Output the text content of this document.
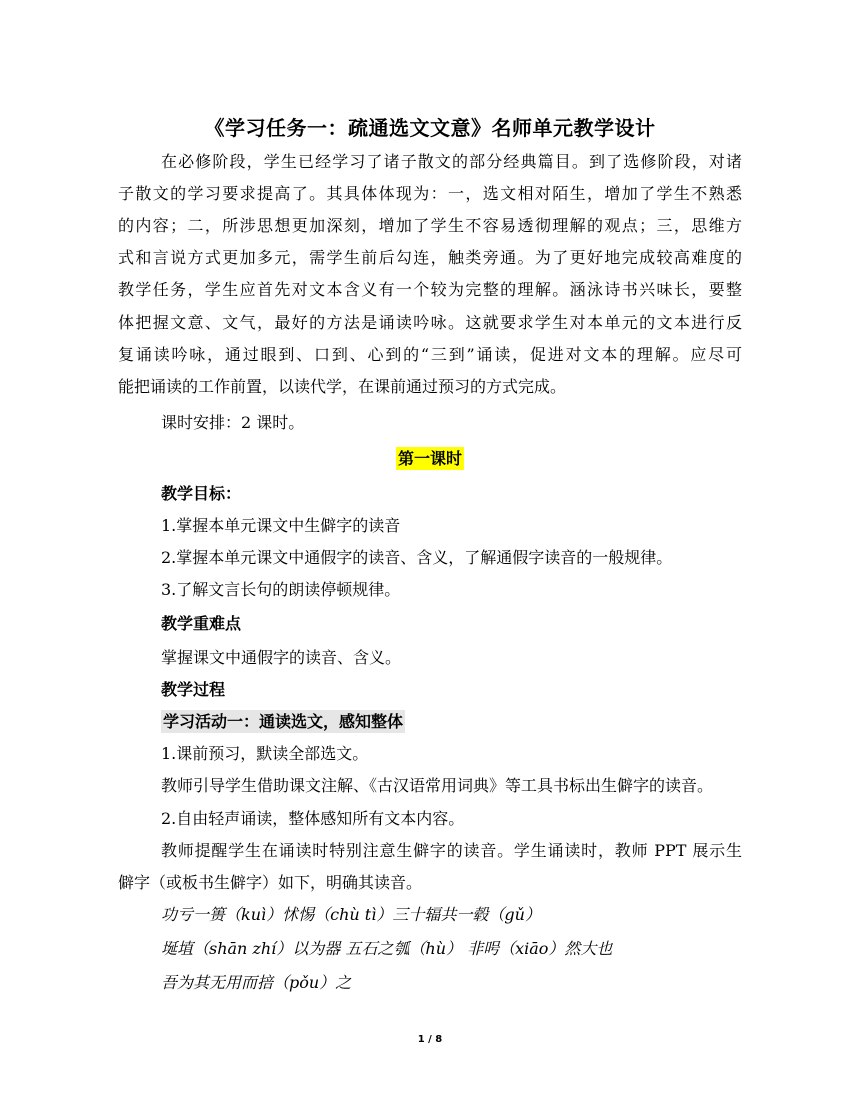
《学习任务一：疏通选文文意》名师单元教学设计
在必修阶段，学生已经学习了诸子散文的部分经典篇目。到了选修阶段，对诸
子散文的学习要求提高了。其具体体现为：一，选文相对陌生，增加了学生不熟悉
的内容；二，所涉思想更加深刻，增加了学生不容易透彻理解的观点；三，思维方
式和言说方式更加多元，需学生前后勾连，触类旁通。为了更好地完成较高难度的
教学任务，学生应首先对文本含义有一个较为完整的理解。涵泳诗书兴味长，要整
体把握文意、文气，最好的方法是诵读吟咏。这就要求学生对本单元的文本进行反
复诵读吟咏，通过眼到、口到、心到的“三到”诵读，促进对文本的理解。应尽可
能把诵读的工作前置，以读代学，在课前通过预习的方式完成。
课时安排：2 课时。
第一课时
教学目标：
1.掌握本单元课文中生僻字的读音
2.掌握本单元课文中通假字的读音、含义，了解通假字读音的一般规律。
3.了解文言长句的朗读停顿规律。
教学重难点
掌握课文中通假字的读音、含义。
教学过程
学习活动一：通读选文，感知整体
1.课前预习，默读全部选文。
教师引导学生借助课文注解、《古汉语常用词典》等工具书标出生僻字的读音。
2.自由轻声诵读，整体感知所有文本内容。
教师提醒学生在诵读时特别注意生僻字的读音。学生诵读时，教师 PPT 展示生
僻字（或板书生僻字）如下，明确其读音。
功亏一篑（kuì）怵惕（chù tì）三十辐共一毂（gǔ）
埏埴（shān zhí）以为器 五石之瓠（hù） 非呺（xiāo）然大也
吾为其无用而掊（pǒu）之
1 / 8
